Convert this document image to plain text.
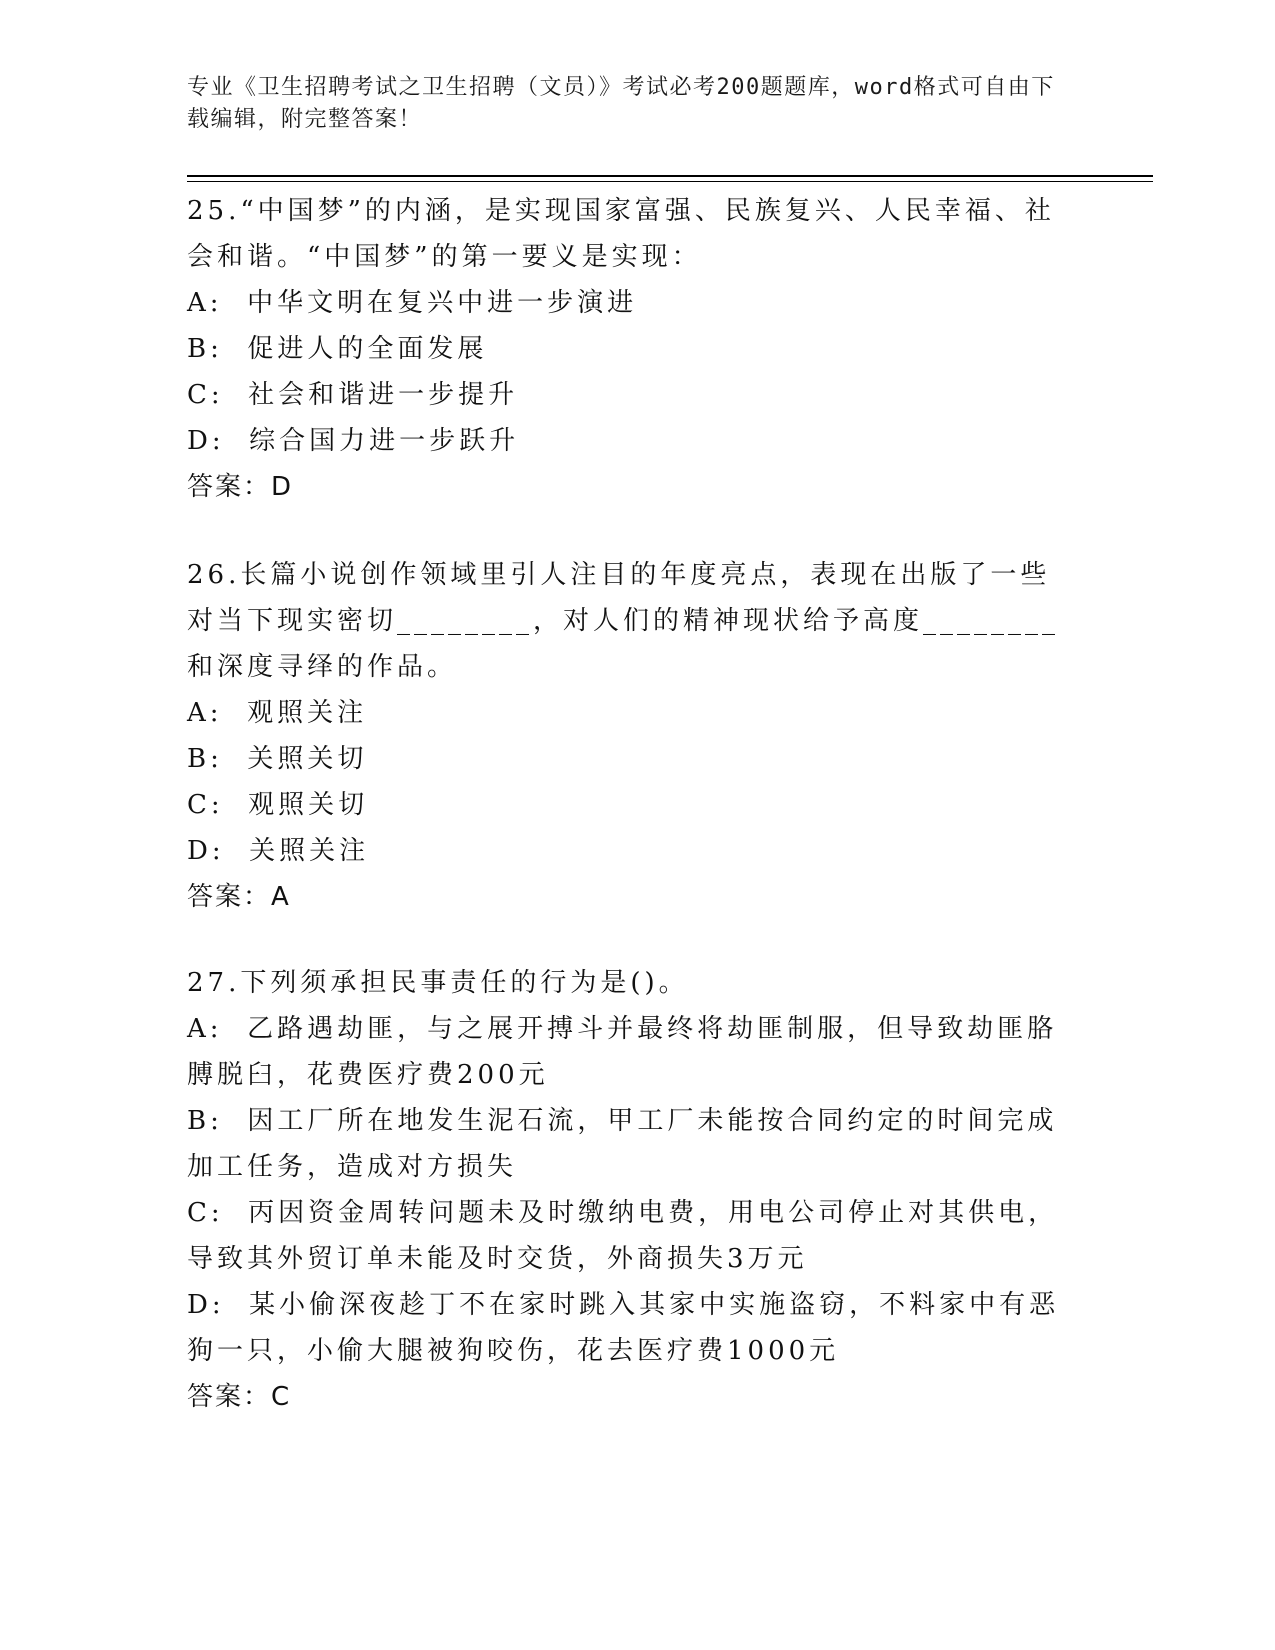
专业《卫生招聘考试之卫生招聘（文员）》考试必考200题题库，word格式可自由下载编辑，附完整答案！

25.“中国梦”的内涵，是实现国家富强、民族复兴、人民幸福、社会和谐。“中国梦”的第一要义是实现：

A:  中华文明在复兴中进一步演进

B:  促进人的全面发展

C:  社会和谐进一步提升

D:  综合国力进一步跃升

答案：D

26.长篇小说创作领域里引人注目的年度亮点，表现在出版了一些对当下现实密切________，对人们的精神现状给予高度________和深度寻绎的作品。

A:  观照关注

B:  关照关切

C:  观照关切

D:  关照关注

答案：A

27.下列须承担民事责任的行为是()。

A:  乙路遇劫匪，与之展开搏斗并最终将劫匪制服，但导致劫匪胳膊脱臼，花费医疗费200元

B:  因工厂所在地发生泥石流，甲工厂未能按合同约定的时间完成加工任务，造成对方损失

C:  丙因资金周转问题未及时缴纳电费，用电公司停止对其供电，导致其外贸订单未能及时交货，外商损失3万元

D:  某小偷深夜趁丁不在家时跳入其家中实施盗窃，不料家中有恶狗一只，小偷大腿被狗咬伤，花去医疗费1000元

答案：C
